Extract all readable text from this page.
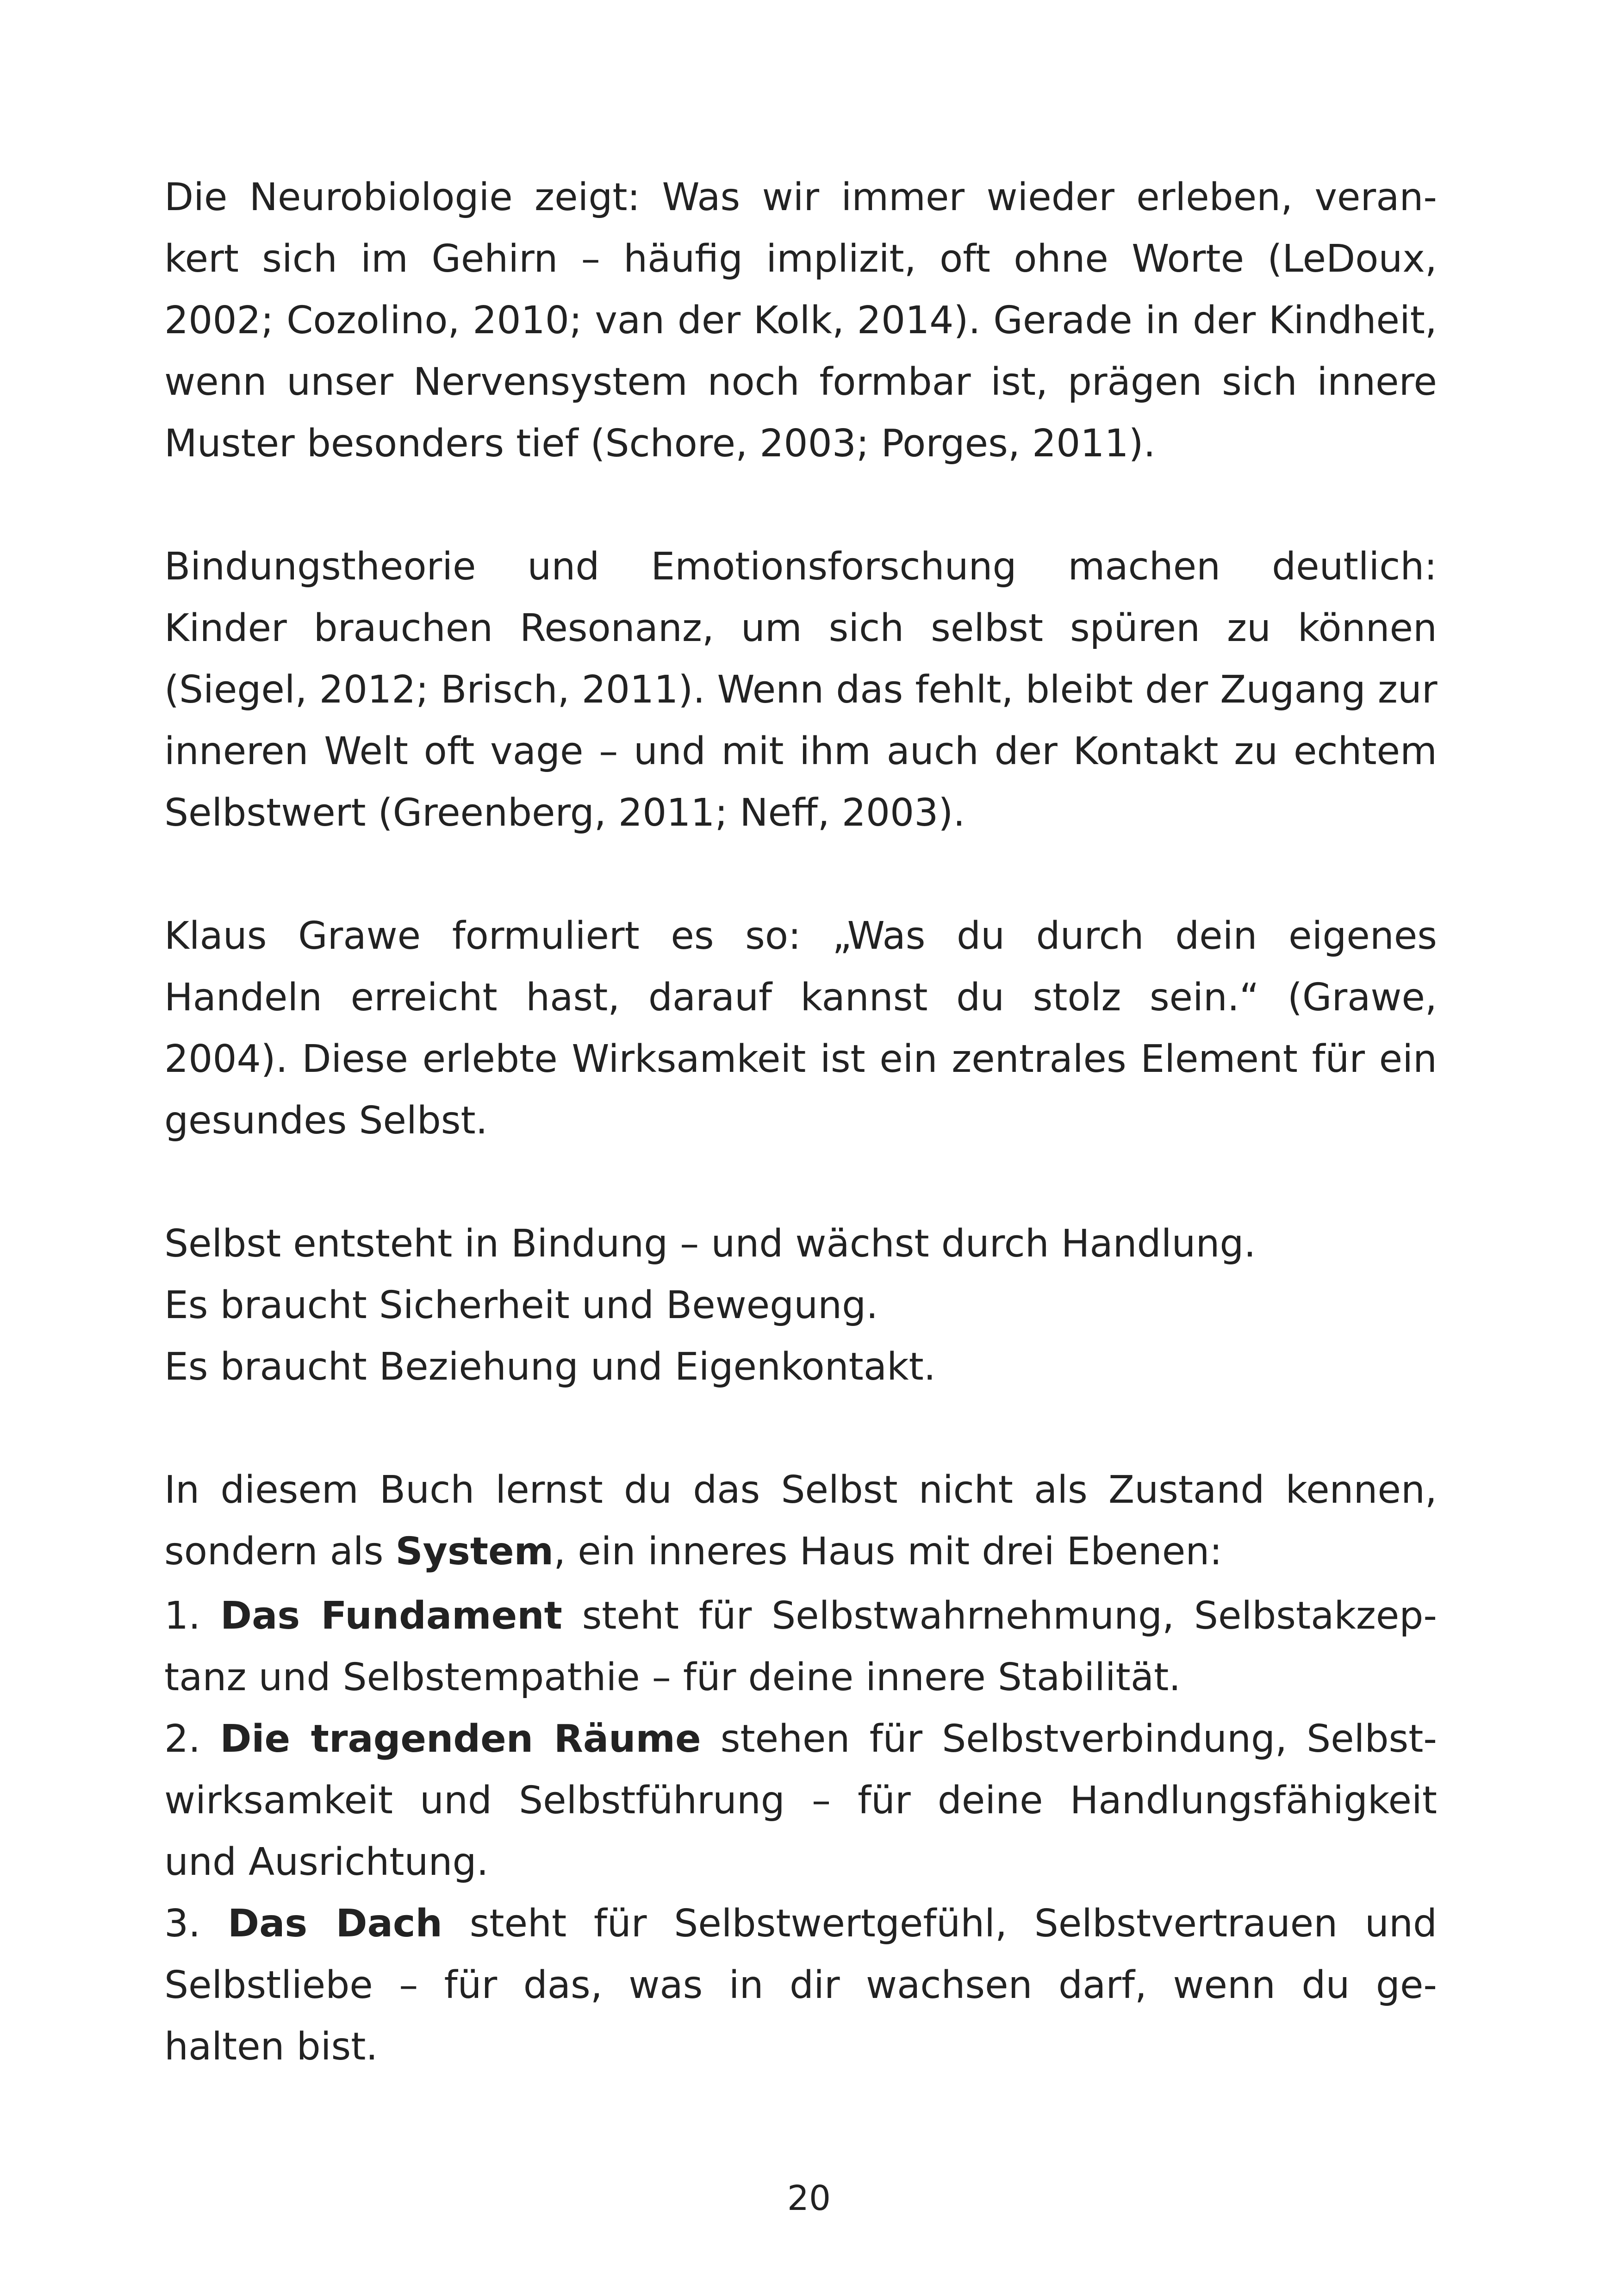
Die Neurobiologie zeigt: Was wir immer wieder erleben, veran-
kert sich im Gehirn – häufig implizit, oft ohne Worte (LeDoux,
2002; Cozolino, 2010; van der Kolk, 2014). Gerade in der Kindheit,
wenn unser Nervensystem noch formbar ist, prägen sich innere
Muster besonders tief (Schore, 2003; Porges, 2011).
Bindungstheorie und Emotionsforschung machen deutlich:
Kinder brauchen Resonanz, um sich selbst spüren zu können
(Siegel, 2012; Brisch, 2011). Wenn das fehlt, bleibt der Zugang zur
inneren Welt oft vage – und mit ihm auch der Kontakt zu echtem
Selbstwert (Greenberg, 2011; Neff, 2003).
Klaus Grawe formuliert es so: „Was du durch dein eigenes
Handeln erreicht hast, darauf kannst du stolz sein.“ (Grawe,
2004). Diese erlebte Wirksamkeit ist ein zentrales Element für ein
gesundes Selbst.
Selbst entsteht in Bindung – und wächst durch Handlung.
Es braucht Sicherheit und Bewegung.
Es braucht Beziehung und Eigenkontakt.
In diesem Buch lernst du das Selbst nicht als Zustand kennen,
sondern als System, ein inneres Haus mit drei Ebenen:
1. Das Fundament steht für Selbstwahrnehmung, Selbstakzep-
tanz und Selbstempathie – für deine innere Stabilität.
2. Die tragenden Räume stehen für Selbstverbindung, Selbst-
wirksamkeit und Selbstführung – für deine Handlungsfähigkeit
und Ausrichtung.
3. Das Dach steht für Selbstwertgefühl, Selbstvertrauen und
Selbstliebe – für das, was in dir wachsen darf, wenn du ge-
halten bist.
20
